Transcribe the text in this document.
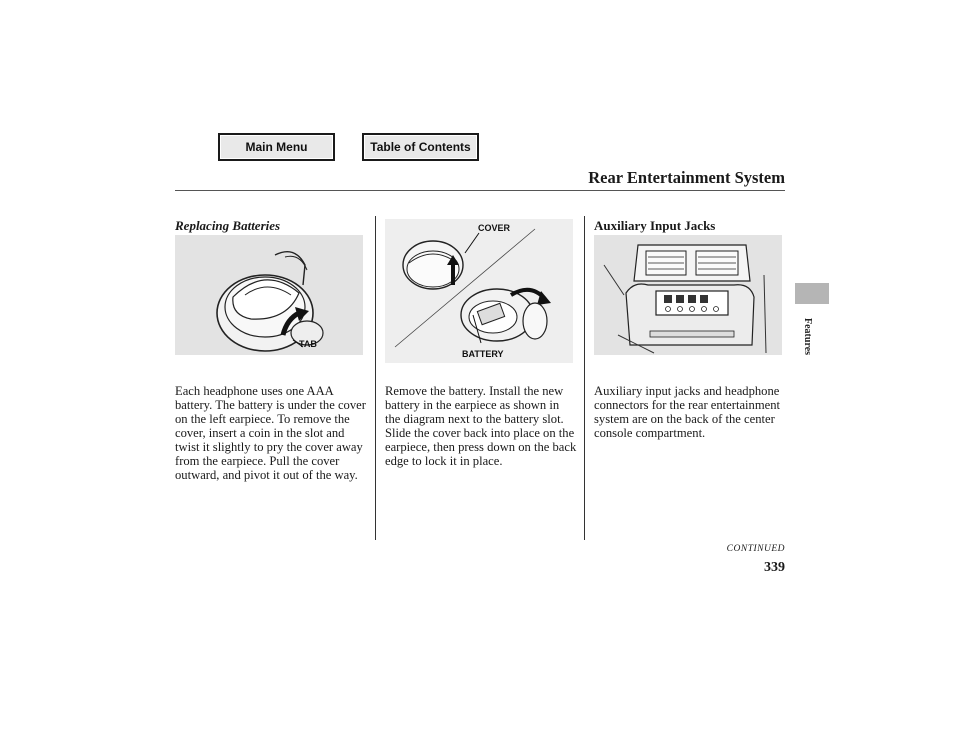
Main Menu	Table of Contents
Rear Entertainment System
Features
Replacing Batteries
TAB
Each headphone uses one AAA battery. The battery is under the cover on the left earpiece. To remove the cover, insert a coin in the slot and twist it slightly to pry the cover away from the earpiece. Pull the cover outward, and pivot it out of the way.
COVER
BATTERY
Remove the battery. Install the new battery in the earpiece as shown in the diagram next to the battery slot. Slide the cover back into place on the earpiece, then press down on the back edge to lock it in place.
Auxiliary Input Jacks
Auxiliary input jacks and headphone connectors for the rear entertainment system are on the back of the center console compartment.
CONTINUED
339
